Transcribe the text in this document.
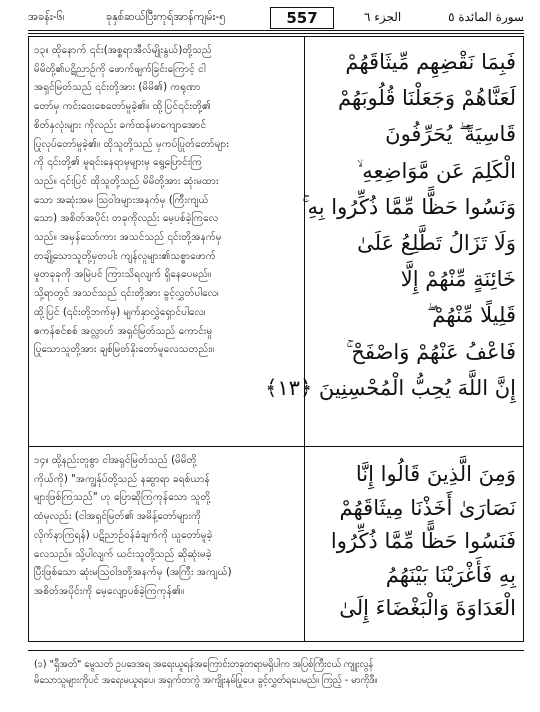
အခန်း-၆၊	ခုနှစ်ဆယ်ပြီးကုရ်အာန်ကျမ်း-၅	557	الجزء ٦	سورة المائدة ٥
၁၃။ ထိုနောက် ၎င်း(အစ္စရာအီလ်မျိုးနွယ်)တို့သည်
မိမိတို့၏ပဋိညာဉ်ကို ဖောက်ဖျက်ခြင်းကြောင့် ငါ
အရှင်မြတ်သည် ၎င်းတို့အား (မိမိ၏) ကရုဏာ
တော်မှ ကင်းဝေးစေတော်မူခဲ့၏။ ထို့ပြင်၎င်းတို့၏
စိတ်နှလုံးများ ကိုလည်း ခက်ထန်မာကျောအောင်
ပြုလုပ်တော်မူခဲ့၏။ ထိုသူတို့သည် မှကပ်ပြုတ်တော်များ
ကို ၎င်းတို့၏ မူရင်းနေရာမှများမှ ရွေ့ပြောင်းကြ
သည်။ ၎င်းပြင် ထိုသူတို့သည် မိမိတို့အား ဆုံးမထား
သော အဆုံးအမ သြဝါဒများအနက်မှ (ကြီးကျယ်
သော) အစိတ်အပိုင်း တခုကိုလည်း မေ့ပစ်ခဲ့ကြလေ
သည်။ အမှန်သော်ကား အသင်သည် ၎င်းတို့အနက်မှ
တချို့သောသူတို့မှတပါး ကျန်လူများ၏သစ္စာဖောက်
မှုတခုခုကို အမြဲပင် ကြားသိရလျက် ရှိနေပေမည်။
သို့ရာတွင် အသင်သည် ၎င်းတို့အား ခွင့်လွှတ်ပါလေ၊
ထို့ပြင် (၎င်းတို့ဘက်မှ) မျက်နှာလွှဲရှောင်ပါလေ၊
ဧကန်စင်စစ် အလ္လာဟ် အရှင်မြတ်သည် ကောင်းမှု
ပြုသောသူတို့အား ချစ်မြတ်နိုးတော်မူလေသတည်း။
၁၄။ ထို့နည်းတူစွာ ငါအရှင်မြတ်သည် (မိမိတို့
ကိုယ်ကို) "အကျွန်ုပ်တို့သည် နဆွာရာ ခရစ်ယာန်
များဖြစ်ကြသည်" ဟု ပြောဆိုကြကုန်သော သူတို့
ထံမှလည်း (ငါအရှင်မြတ်၏ အမိန့်တော်များကို
လိုက်နာကြရန်) ပဋိညာဉ်ဝန်ခံချက်ကို ယူတော်မူခဲ့
လေသည်။ သို့ပါလျက် ယင်းသူတို့သည် ဆိုဆုံးမခဲ့
ပြီးဖြစ်သော ဆုံးမသြဝါဒတို့အနက်မှ (အကြီး အကျယ်)
အစိတ်အပိုင်းကို မေ့လျော့ပစ်ခဲ့ကြကုန်၏။
فَبِمَا نَقْضِهِم مِّيثَاقَهُمْ
لَعَنَّاهُمْ وَجَعَلْنَا قُلُوبَهُمْ
قَاسِيَةً ۖ يُحَرِّفُونَ
الْكَلِمَ عَن مَّوَاضِعِهِ ۙ
وَنَسُوا حَظًّا مِّمَّا ذُكِّرُوا بِهِ ۚ
وَلَا تَزَالُ تَطَّلِعُ عَلَىٰ
خَائِنَةٍ مِّنْهُمْ إِلَّا
قَلِيلًا مِّنْهُمْ ۖ
فَاعْفُ عَنْهُمْ وَاصْفَحْ ۚ
إِنَّ اللَّهَ يُحِبُّ الْمُحْسِنِينَ ﴿١٣﴾
وَمِنَ الَّذِينَ قَالُوا إِنَّا
نَصَارَىٰ أَخَذْنَا مِيثَاقَهُمْ
فَنَسُوا حَظًّا مِّمَّا ذُكِّرُوا
بِهِ فَأَغْرَيْنَا بَيْنَهُمُ
الْعَدَاوَةَ وَالْبَغْضَاءَ إِلَىٰ
(၁) "ရှီအတ်" မွေသတ် ဥပဒေအရ အရေးယူရန်အကြောင်းတခုတရာမရှိပါက အပြစ်ကြီးငယ် ကျူးလွန်
မိသောသူများကိုပင် အရေးမယူရပေ၊ အရှက်တကွဲ အကျိုးနမ်ပြုပေ၊ ခွင့်လွှတ်ရပေမည်။ ကြည့် - မာကိုဒီ။
